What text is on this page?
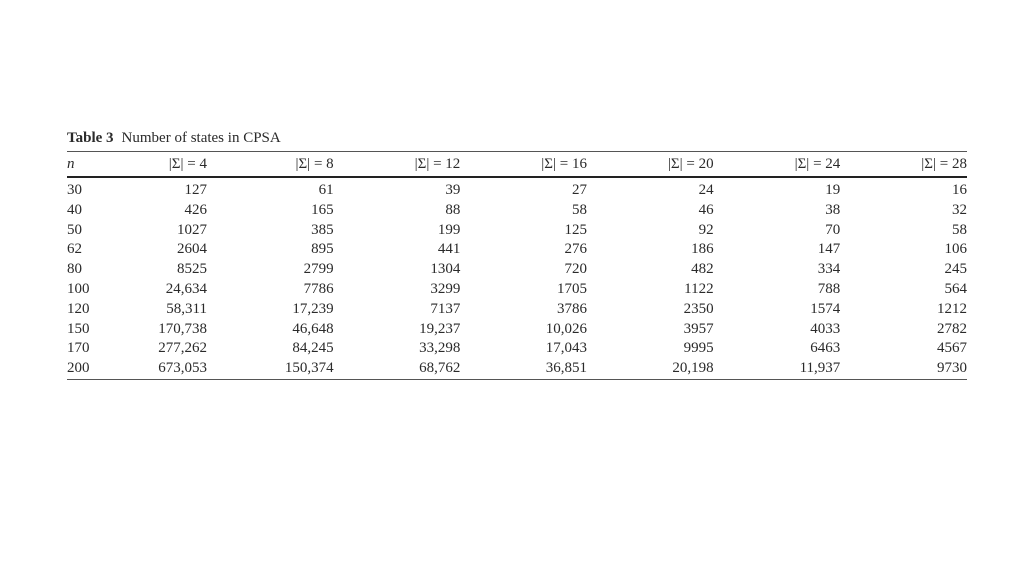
Table 3 Number of states in CPSA
n	|Σ| = 4	|Σ| = 8	|Σ| = 12	|Σ| = 16	|Σ| = 20	|Σ| = 24	|Σ| = 28
30	127	61	39	27	24	19	16
40	426	165	88	58	46	38	32
50	1027	385	199	125	92	70	58
62	2604	895	441	276	186	147	106
80	8525	2799	1304	720	482	334	245
100	24,634	7786	3299	1705	1122	788	564
120	58,311	17,239	7137	3786	2350	1574	1212
150	170,738	46,648	19,237	10,026	3957	4033	2782
170	277,262	84,245	33,298	17,043	9995	6463	4567
200	673,053	150,374	68,762	36,851	20,198	11,937	9730
